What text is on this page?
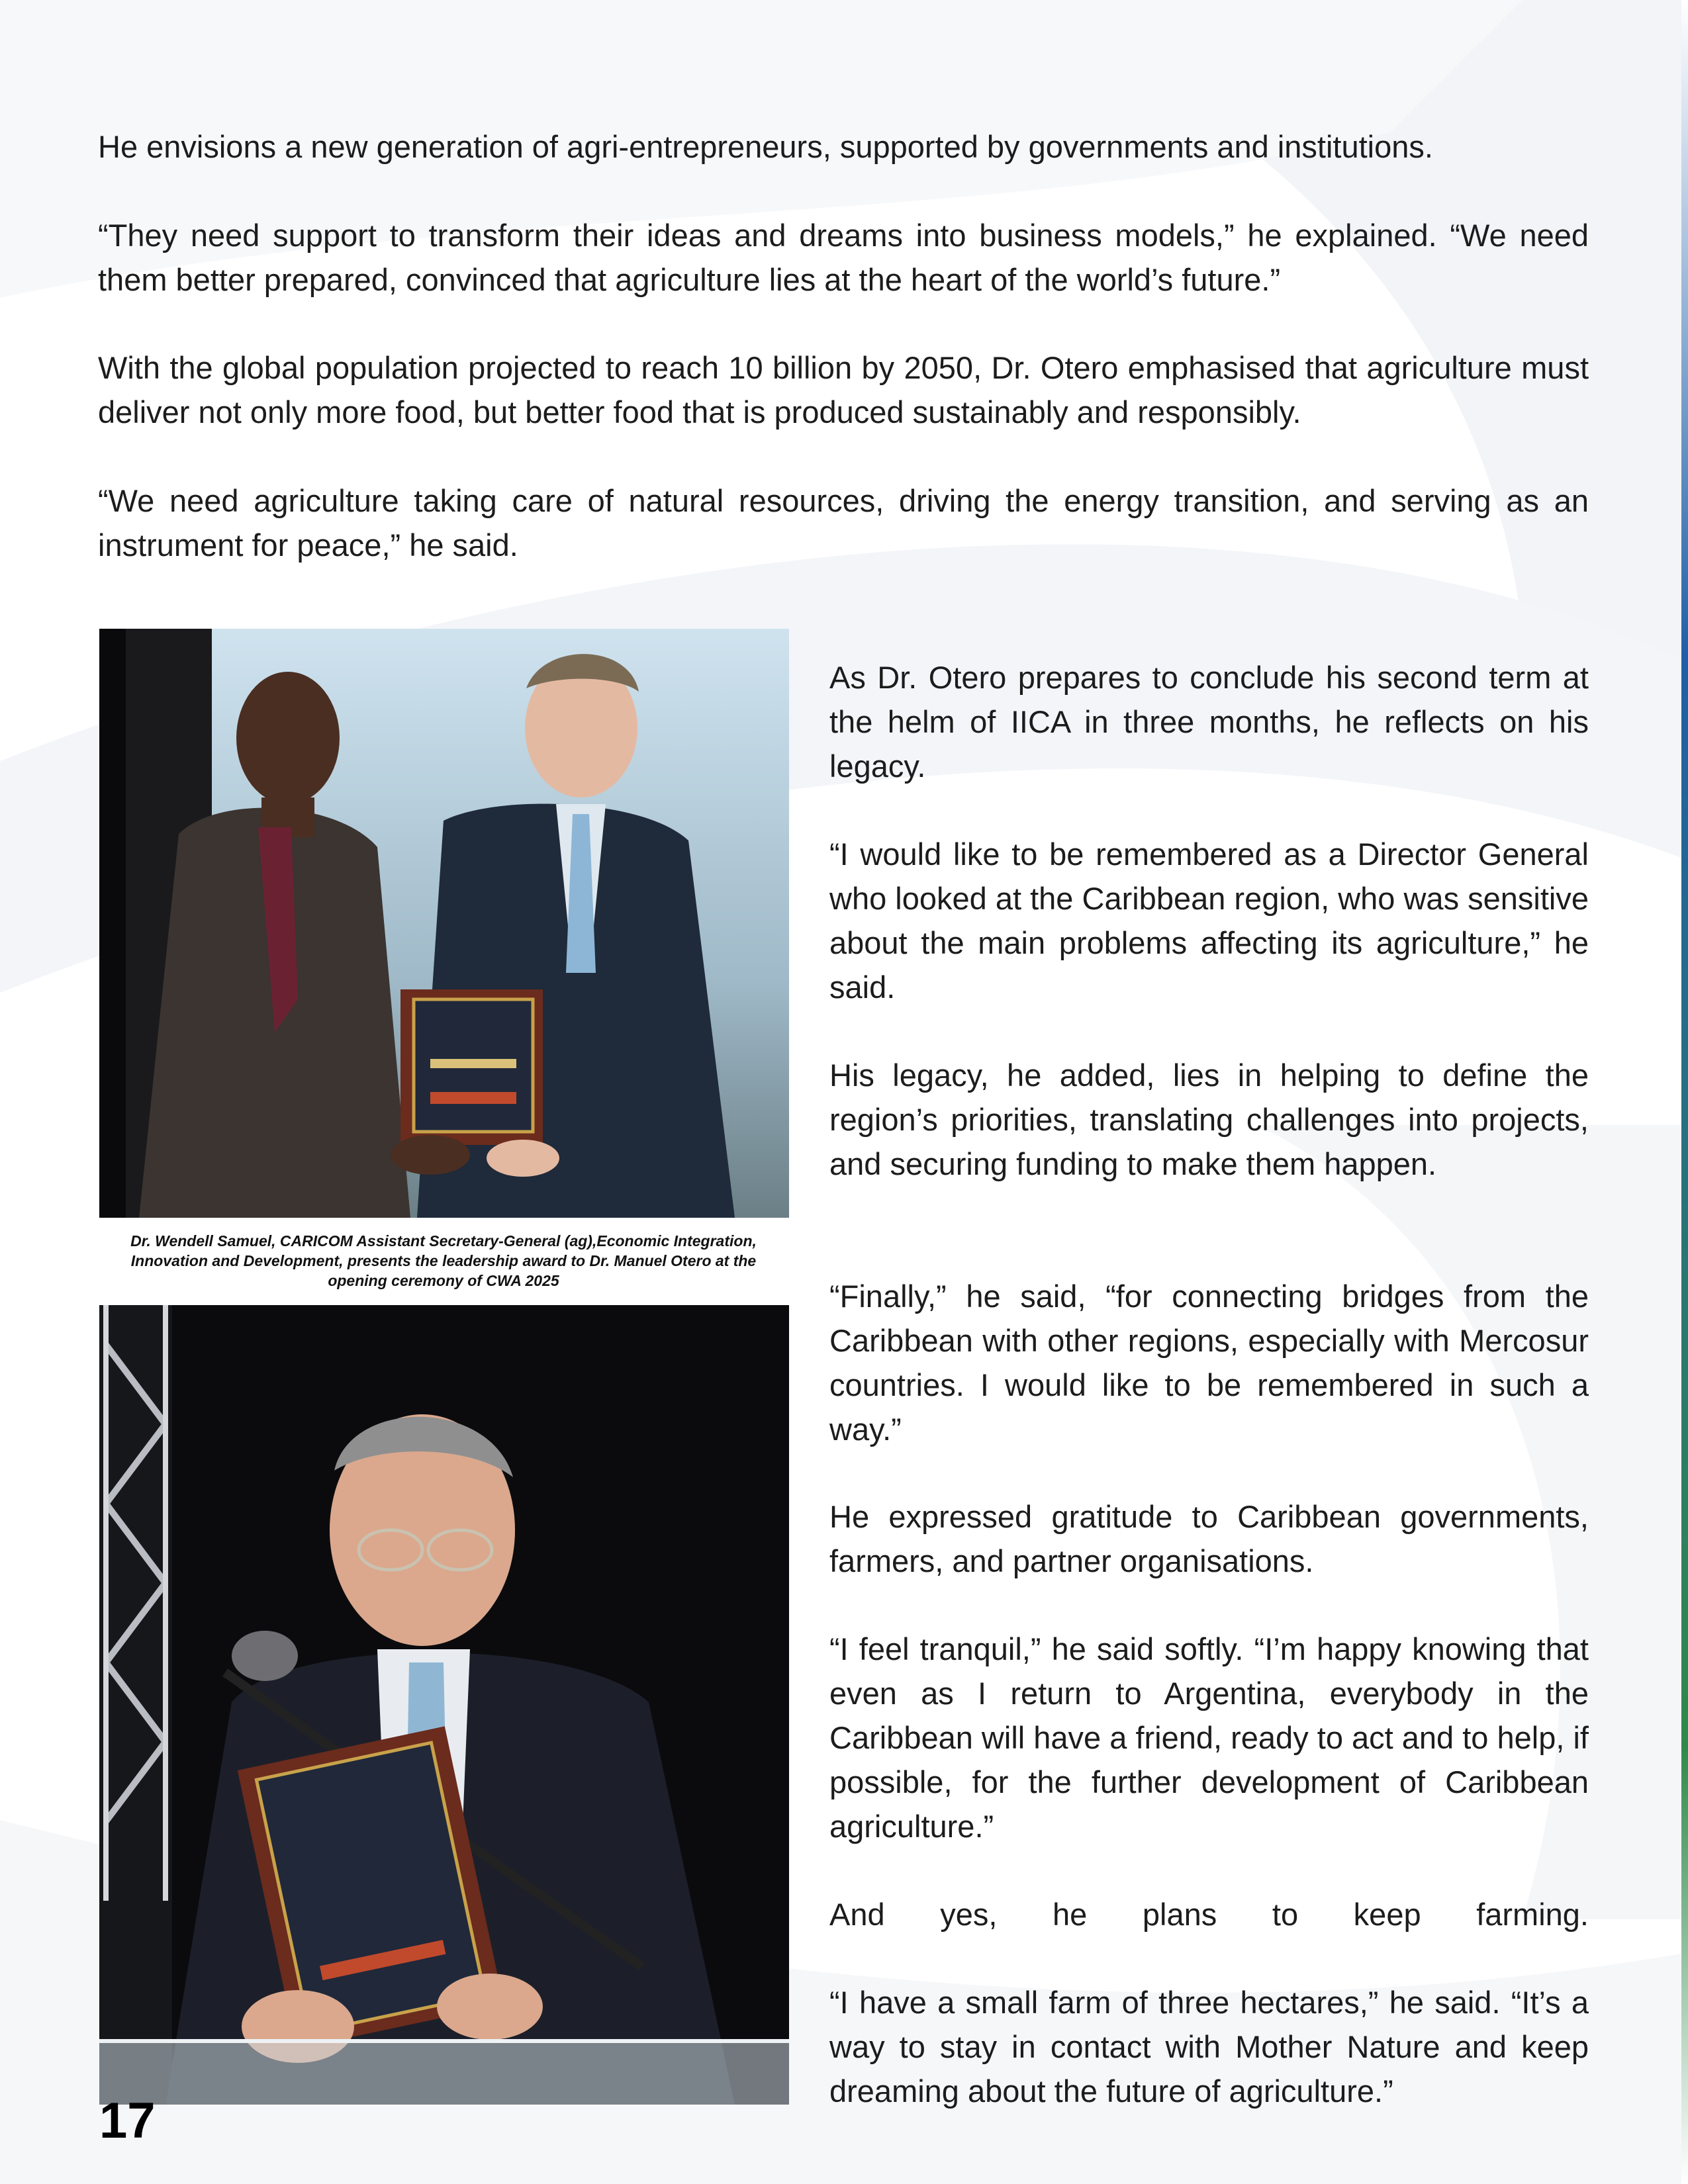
He envisions a new generation of agri-entrepreneurs, supported by governments and institutions.

“They need support to transform their ideas and dreams into business models,” he explained. “We need them better prepared, convinced that agriculture lies at the heart of the world’s future.”

With the global population projected to reach 10 billion by 2050, Dr. Otero emphasised that agriculture must deliver not only more food, but better food that is produced sustainably and responsibly.

“We need agriculture taking care of natural resources, driving the energy transition, and serving as an instrument for peace,” he said.

Dr. Wendell Samuel, CARICOM Assistant Secretary-General (ag),Economic Integration, Innovation and Development, presents the leadership award to Dr. Manuel Otero at the opening ceremony of CWA 2025

As Dr. Otero prepares to conclude his second term at the helm of IICA in three months, he reflects on his legacy.

“I would like to be remembered as a Director General who looked at the Caribbean region, who was sensitive about the main problems affecting its agriculture,” he said.

His legacy, he added, lies in helping to define the region’s priorities, translating challenges into projects, and securing funding to make them happen.

“Finally,” he said, “for connecting bridges from the Caribbean with other regions, especially with Mercosur countries. I would like to be remembered in such a way.”

He expressed gratitude to Caribbean governments, farmers, and partner organisations.

“I feel tranquil,” he said softly. “I’m happy knowing that even as I return to Argentina, everybody in the Caribbean will have a friend, ready to act and to help, if possible, for the further development of Caribbean agriculture.”

And yes, he plans to keep farming.

“I have a small farm of three hectares,” he said. “It’s a way to stay in contact with Mother Nature and keep dreaming about the future of agriculture.”

17
